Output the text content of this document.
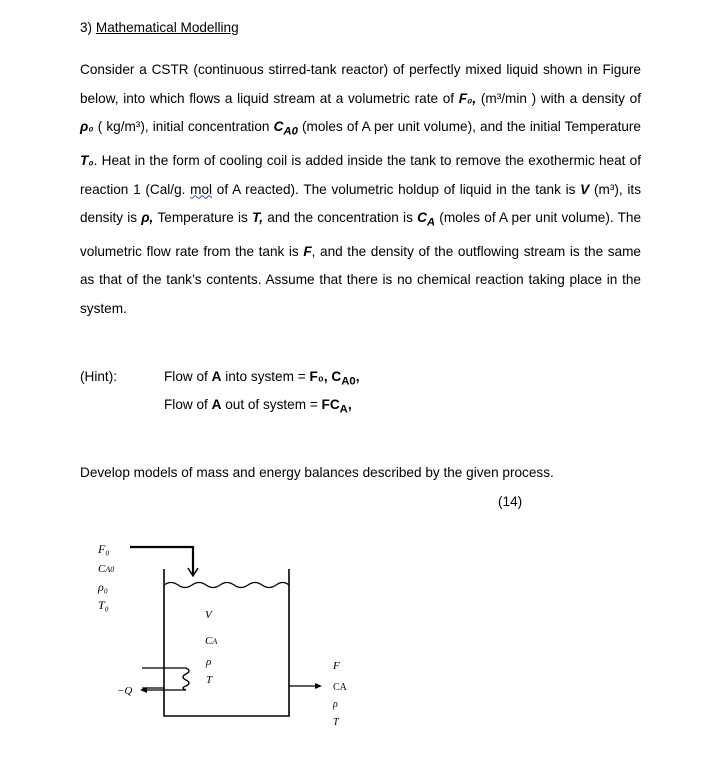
3) Mathematical Modelling

Consider a CSTR (continuous stirred-tank reactor) of perfectly mixed liquid shown in Figure below, into which flows a liquid stream at a volumetric rate of F₀, (m³/min ) with a density of ρ₀ ( kg/m³), initial concentration $C_{A0}$ (moles of A per unit volume), and the initial Temperature T₀. Heat in the form of cooling coil is added inside the tank to remove the exothermic heat of reaction 1 (Cal/g. mol of A reacted). The volumetric holdup of liquid in the tank is V (m³), its density is ρ, Temperature is T, and the concentration is $C_A$ (moles of A per unit volume). The volumetric flow rate from the tank is F, and the density of the outflowing stream is the same as that of the tank’s contents. Assume that there is no chemical reaction taking place in the system.

(Hint):	Flow of A into system = F₀, $C_{A0}$,
Flow of A out of system = $FC_A$,
Develop models of mass and energy balances described by the given process.
(14)
F₀
CA0
ρ₀
T₀
V
CA
ρ
T
−Q
F
CA
ρ
T
